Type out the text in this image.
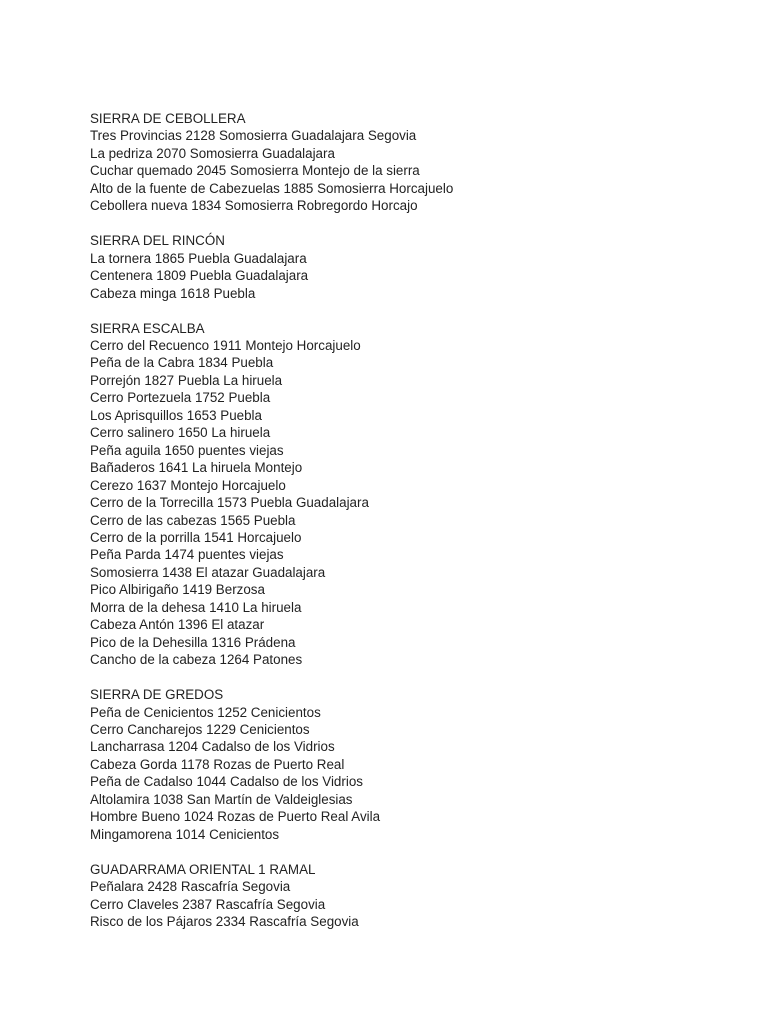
SIERRA DE CEBOLLERA
Tres Provincias 2128 Somosierra Guadalajara Segovia
La pedriza 2070 Somosierra Guadalajara
Cuchar quemado 2045 Somosierra Montejo de la sierra
Alto de la fuente de Cabezuelas 1885 Somosierra Horcajuelo
Cebollera nueva 1834 Somosierra Robregordo Horcajo
SIERRA DEL RINCÓN
La tornera 1865 Puebla Guadalajara
Centenera 1809 Puebla Guadalajara
Cabeza minga 1618 Puebla
SIERRA ESCALBA
Cerro del Recuenco 1911 Montejo Horcajuelo
Peña de la Cabra 1834 Puebla
Porrejón 1827 Puebla La hiruela
Cerro Portezuela 1752 Puebla
Los Aprisquillos 1653 Puebla
Cerro salinero 1650 La hiruela
Peña aguila 1650 puentes viejas
Bañaderos 1641 La hiruela Montejo
Cerezo 1637 Montejo Horcajuelo
Cerro de la Torrecilla 1573 Puebla Guadalajara
Cerro de las cabezas 1565 Puebla
Cerro de la porrilla 1541 Horcajuelo
Peña Parda 1474 puentes viejas
Somosierra 1438 El atazar Guadalajara
Pico Albirigaño 1419 Berzosa
Morra de la dehesa 1410 La hiruela
Cabeza Antón 1396 El atazar
Pico de la Dehesilla 1316 Prádena
Cancho de la cabeza 1264 Patones
SIERRA DE GREDOS
Peña de Cenicientos 1252 Cenicientos
Cerro Cancharejos 1229 Cenicientos
Lancharrasa 1204 Cadalso de los Vidrios
Cabeza Gorda 1178 Rozas de Puerto Real
Peña de Cadalso 1044 Cadalso de los Vidrios
Altolamira 1038 San Martín de Valdeiglesias
Hombre Bueno 1024 Rozas de Puerto Real Avila
Mingamorena 1014 Cenicientos
GUADARRAMA ORIENTAL 1 RAMAL
Peñalara 2428 Rascafría Segovia
Cerro Claveles 2387 Rascafría Segovia
Risco de los Pájaros 2334 Rascafría Segovia
